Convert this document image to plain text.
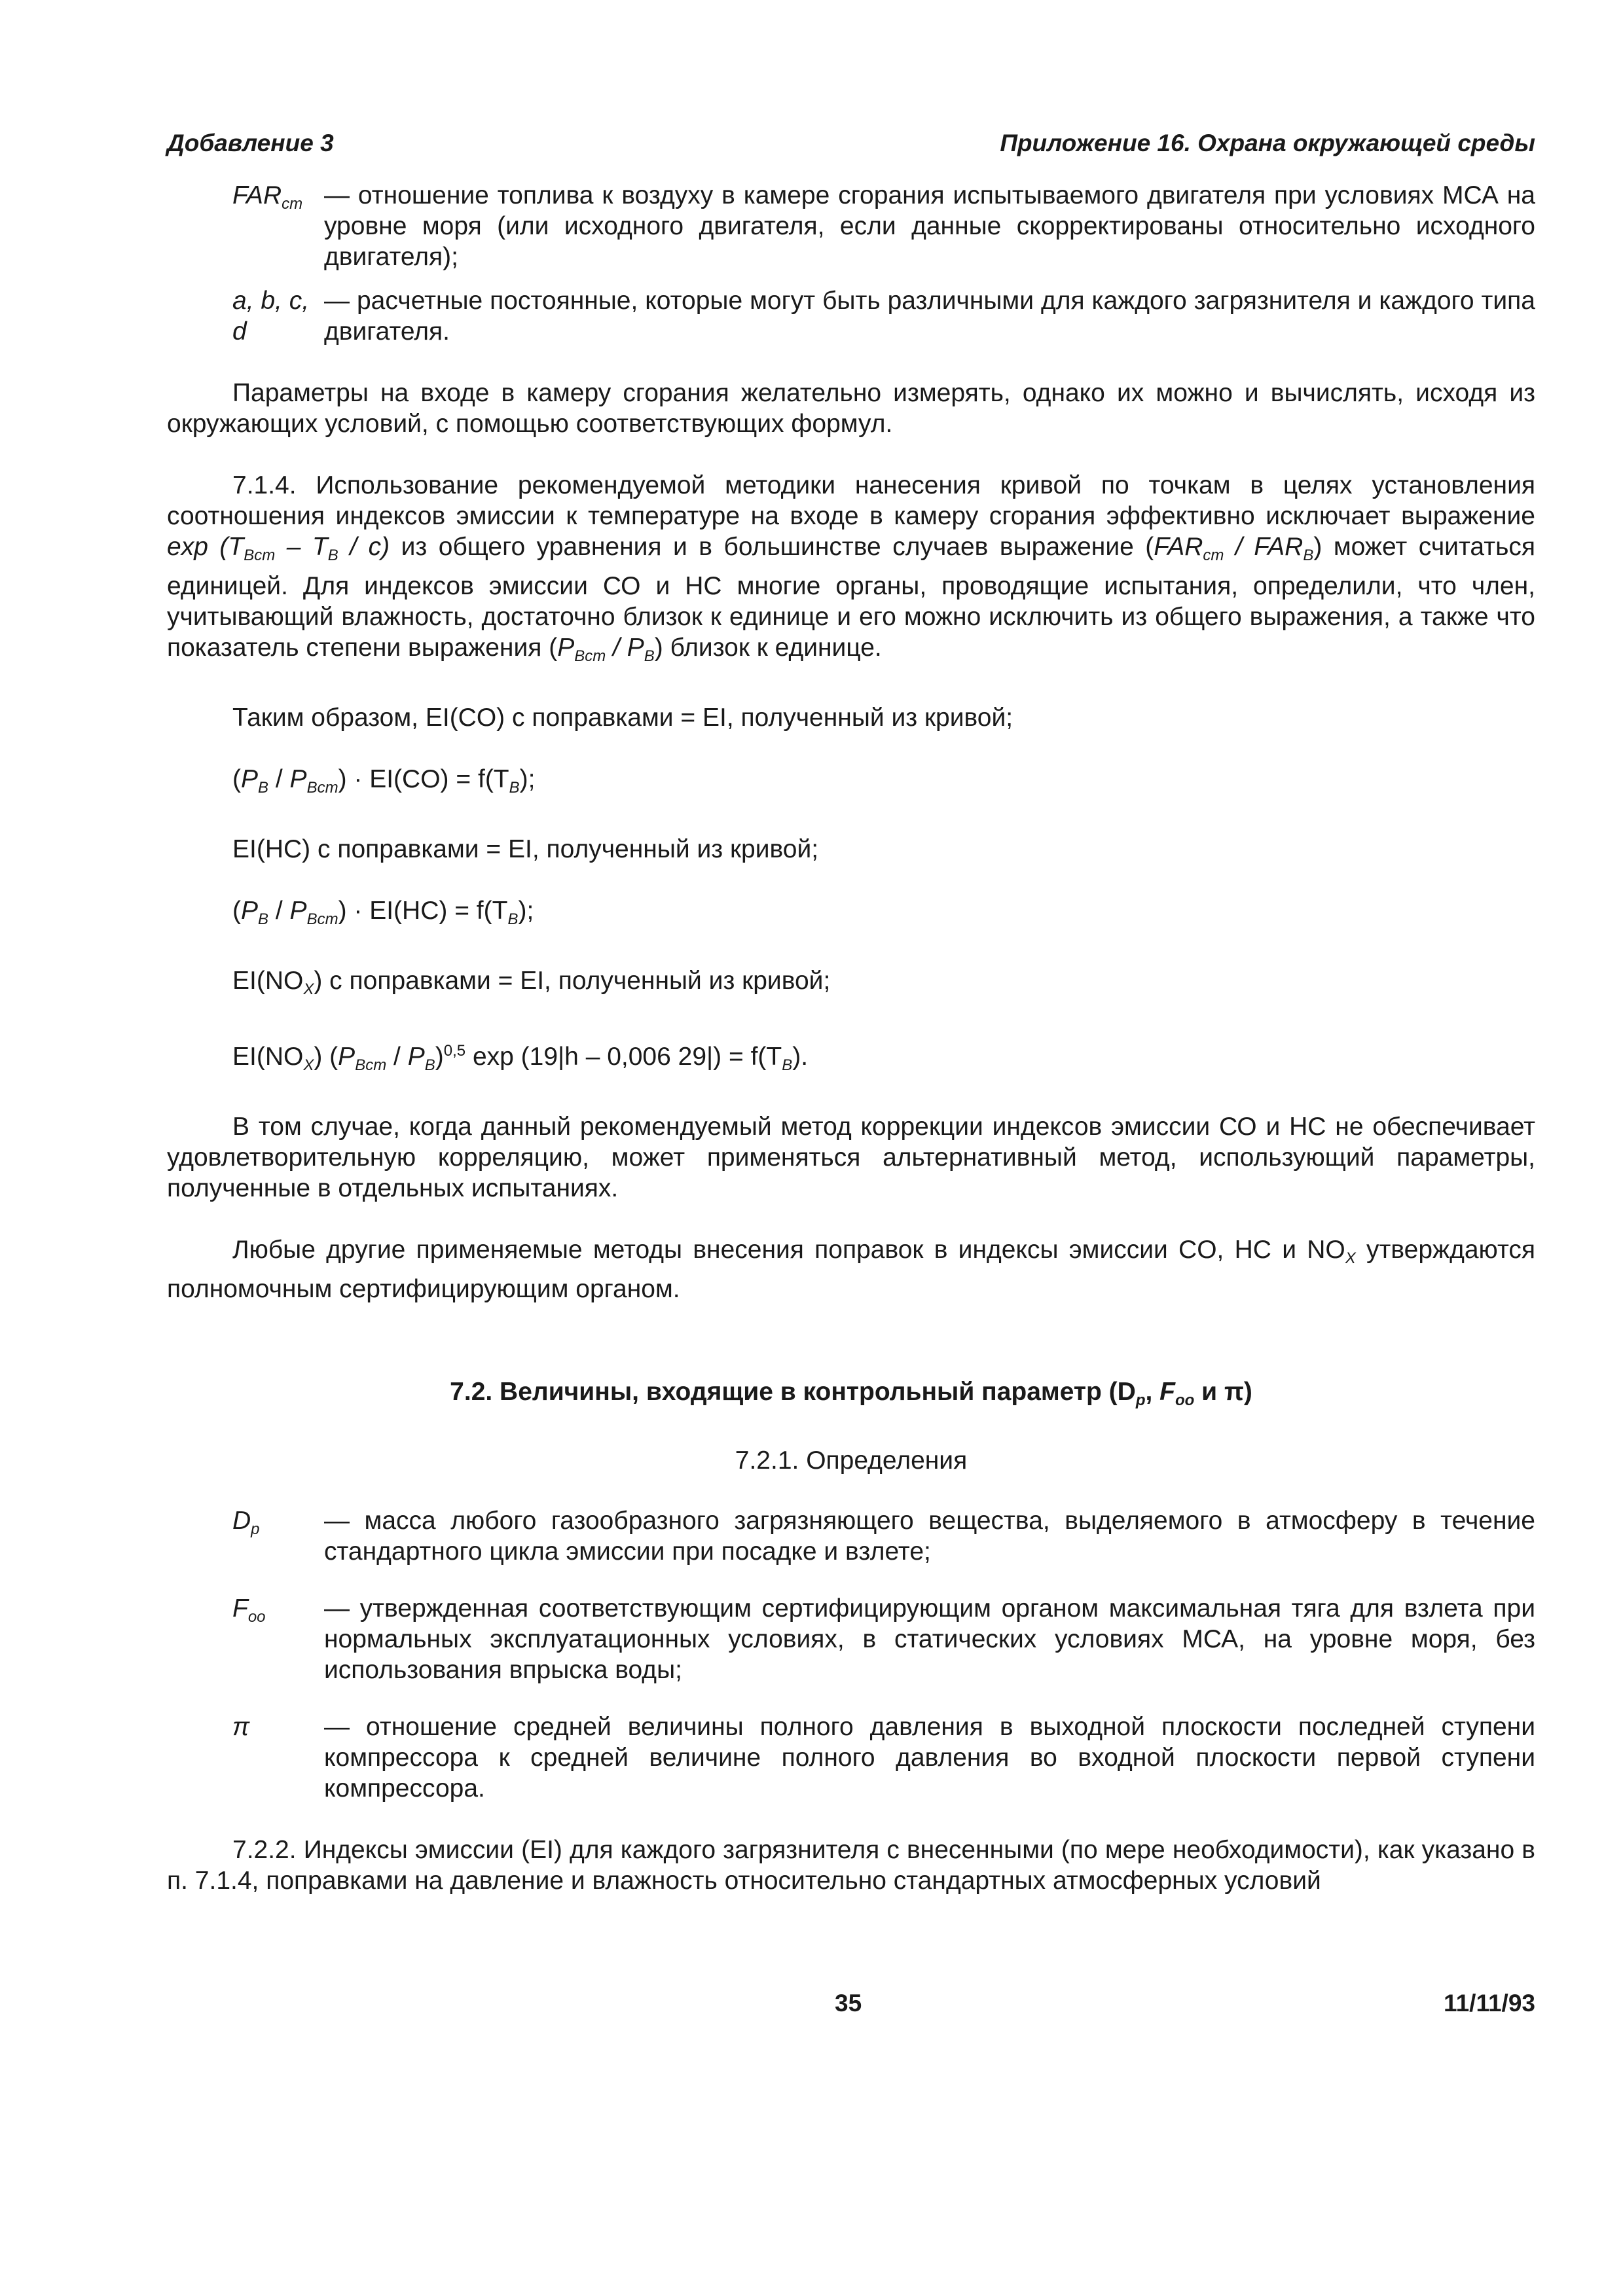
Добавление 3	Приложение 16. Охрана окружающей среды
$FAR_{ст}$ — отношение топлива к воздуху в камере сгорания испытываемого двигателя при условиях МСА на уровне моря (или исходного двигателя, если данные скорректированы относительно исходного двигателя);
a, b, c, d
— расчетные постоянные, которые могут быть различными для каждого загрязнителя и каждого типа двигателя.

Параметры на входе в камеру сгорания желательно измерять, однако их можно и вычислять, исходя из окружающих условий, с помощью соответствующих формул.

7.1.4. Использование рекомендуемой методики нанесения кривой по точкам в целях установления соотношения индексов эмиссии к температуре на входе в камеру сгорания эффективно исключает выражение $\exp (T_{Вст} - T_В / c)$ из общего уравнения и в большинстве случаев выражение $(FAR_{ст} / FAR_В)$ может считаться единицей. Для индексов эмиссии СО и НС многие органы, проводящие испытания, определили, что член, учитывающий влажность, достаточно близок к единице и его можно исключить из общего выражения, а также что показатель степени выражения $(P_{Вст} / P_В)$ близок к единице.

Таким образом, EI(CO) с поправками = EI, полученный из кривой;

$(P_В / P_{Вст}) \cdot EI(CO) = f(T_В)$;
EI(HC) с поправками = EI, полученный из кривой;
$(P_В / P_{Вст}) \cdot EI(HC) = f(T_В)$;
$EI(NO_X)$ с поправками = EI, полученный из кривой;
$EI(NO_X)$ $(P_{Вст} / P_В)^{0,5}$ exp (19|h – 0,006 $29|) = f(T_В)$.

В том случае, когда данный рекомендуемый метод коррекции индексов эмиссии СО и НС не обеспечивает удовлетворительную корреляцию, может применяться альтернативный метод, использующий параметры, полученные в отдельных испытаниях.

Любые другие применяемые методы внесения поправок в индексы эмиссии CO, HC и $NO_X$ утверждаются полномочным сертифицирующим органом.

7.2. Величины, входящие в контрольный параметр ($D_p$, $F_{oo}$ и π)
7.2.1. Определения
$D_p$	— масса любого газообразного загрязняющего вещества, выделяемого в атмосферу в течение стандартного цикла эмиссии при посадке и взлете;
$F_{oo}$	— утвержденная соответствующим сертифицирующим органом максимальная тяга для взлета при нормальных эксплуатационных условиях, в статических условиях МСА, на уровне моря, без использования впрыска воды;
π	— отношение средней величины полного давления в выходной плоскости последней ступени компрессора к средней величине полного давления во входной плоскости первой ступени компрессора.

7.2.2. Индексы эмиссии (EI) для каждого загрязнителя с внесенными (по мере необходимости), как указано в п. 7.1.4, поправками на давление и влажность относительно стандартных атмосферных условий

35	11/11/93
